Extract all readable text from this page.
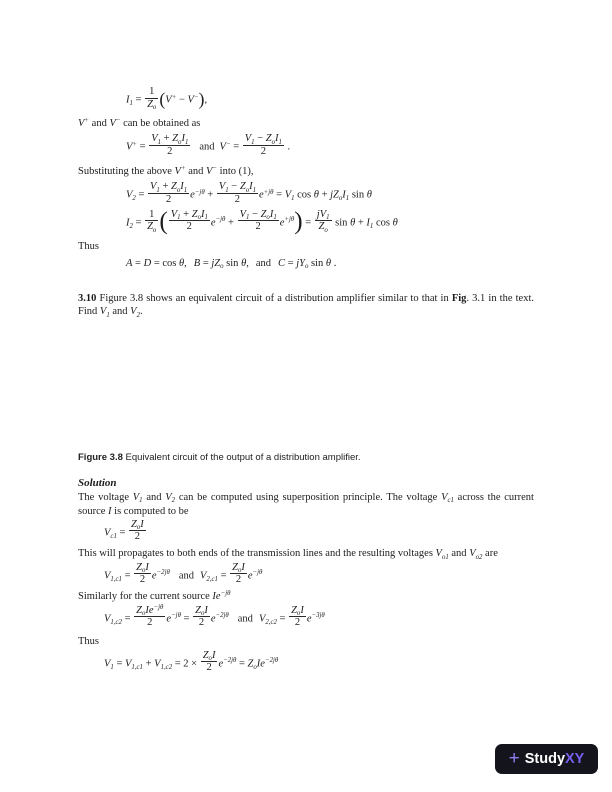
$I_1 = \frac{1}{Z_o} (V^+ - V^-)$,

V+ and V− can be obtained as

$V^+ = \frac{V_1 + Z_oI_1}{2}$ and $V^- = \frac{V_1 - Z_oI_1}{2}$ .

Substituting the above V+ and V− into (1),

$V_2 = \frac{V_1 + Z_oI_1}{2} e^{-j\theta} + \frac{V_1 - Z_oI_1}{2} e^{+j\theta} = V_1$ $\cos \theta + jZ_oI_1$ sin θ
$I_2 = \frac{1}{Z_o}$ ( $\frac{V_1 + Z_oI_1}{2} e^{-j\theta} + \frac{V_1 - Z_oI_1}{2} e^{+j\theta}) = \frac{jV_1}{Z_o}$ $\sin \theta + I_1$ cos θ

Thus

A = D = cos θ, $B = jZ_o$ sin θ, and $C = jY_o$ sin θ .

3.10 Figure 3.8 shows an equivalent circuit of a distribution amplifier similar to that in Fig. 3.1 in the text. Find $V_1$ and $V_2$.

Figure 3.8 Equivalent circuit of the output of a distribution amplifier.

Solution

The voltage $V_1$ and $V_2$ can be computed using superposition principle. The voltage $V_{c1}$ across the current source I is computed to be

$V_{c1} = \frac{Z_oI}{2}$

This will propagates to both ends of the transmission lines and the resulting voltages $V_{o1}$ and $V_{o2}$ are

$V_{1,c1} = \frac{Z_oI}{2} e^{-2j\theta}$ and $V_{2,c1} = \frac{Z_oI}{2} e^{-j\theta}$

Similarly for the current source $Ie^{-j\theta}$

$V_{1,c2} = \frac{Z_oIe^{-j\theta}}{2} e^{-j\theta} = \frac{Z_oI}{2} e^{-2j\theta}$ and $V_{2,c2} = \frac{Z_oI}{2} e^{-3j\theta}$

Thus

$V_1 = V_{1,c1} + V_{1,c2} = 2 \times \frac{Z_oI}{2} e^{-2j\theta} = Z_oIe^{-2j\theta}$
+ Study XY
